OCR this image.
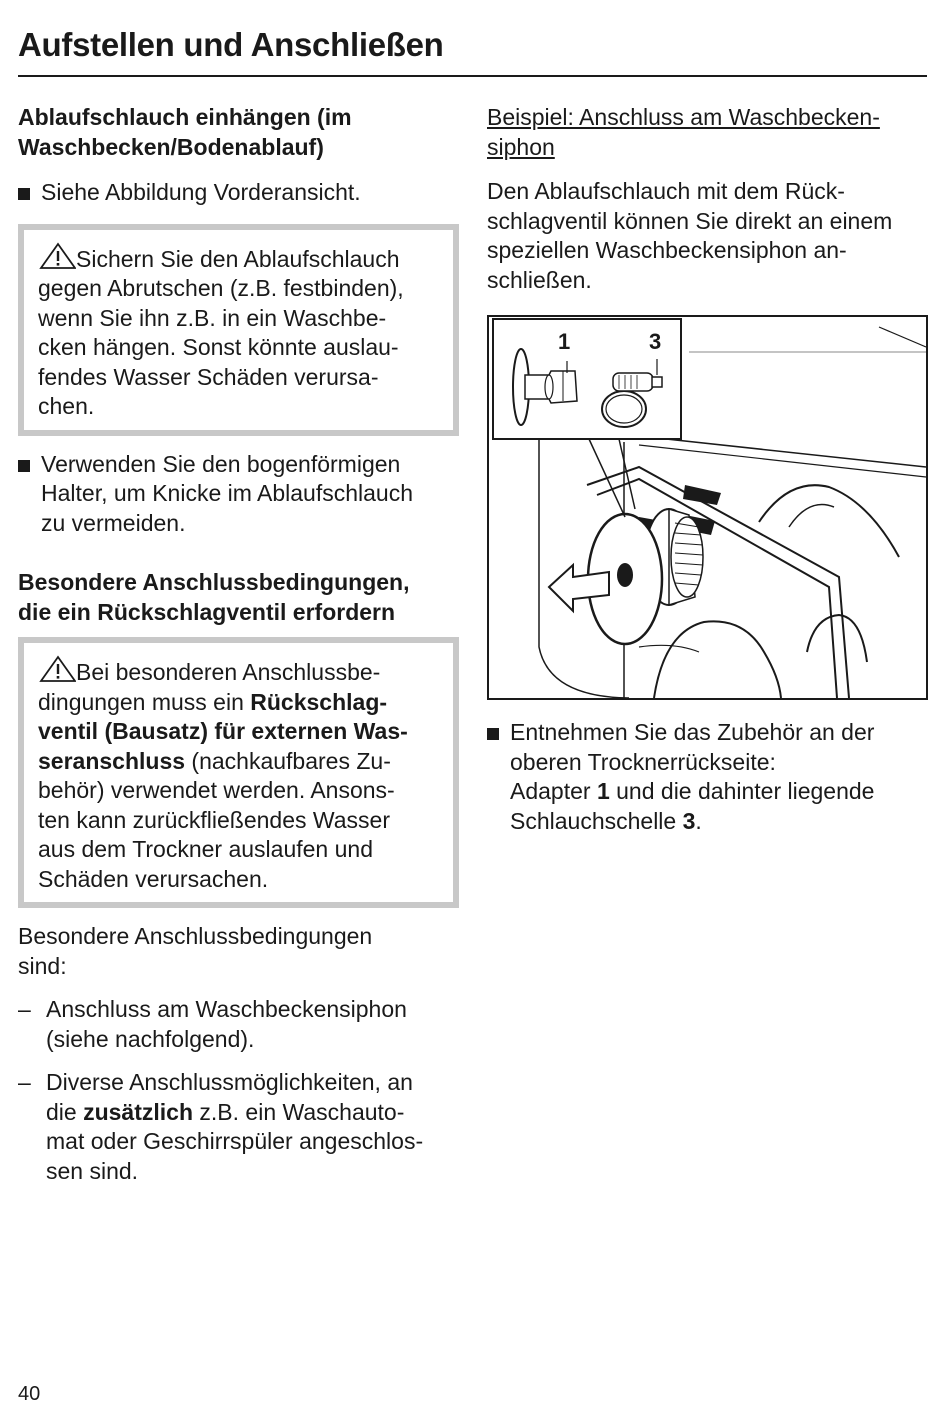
Aufstellen und Anschließen

Ablaufschlauch einhängen (im
Waschbecken/Bodenablauf)

Siehe Abbildung Vorderansicht.

Sichern Sie den Ablaufschlauch
gegen Abrutschen (z.B. festbinden),
wenn Sie ihn z.B. in ein Waschbe-
cken hängen. Sonst könnte auslau-
fendes Wasser Schäden verursa-
chen.

Verwenden Sie den bogenförmigen
Halter, um Knicke im Ablaufschlauch
zu vermeiden.

Besondere Anschlussbedingungen,
die ein Rückschlagventil erfordern

Bei besonderen Anschlussbe-
dingungen muss ein Rückschlag-
ventil (Bausatz) für externen Was-
seranschluss (nachkaufbares Zu-
behör) verwendet werden. Ansons-
ten kann zurückfließendes Wasser
aus dem Trockner auslaufen und
Schäden verursachen.

Besondere Anschlussbedingungen
sind:

– Anschluss am Waschbeckensiphon
(siehe nachfolgend).

– Diverse Anschlussmöglichkeiten, an
die zusätzlich z.B. ein Waschauto-
mat oder Geschirrspüler angeschlos-
sen sind.

Beispiel: Anschluss am Waschbecken-
siphon

Den Ablaufschlauch mit dem Rück-
schlagventil können Sie direkt an einem
speziellen Waschbeckensiphon an-
schließen.

1	3

Entnehmen Sie das Zubehör an der
oberen Trocknerrückseite:
Adapter 1 und die dahinter liegende
Schlauchschelle 3.

40
